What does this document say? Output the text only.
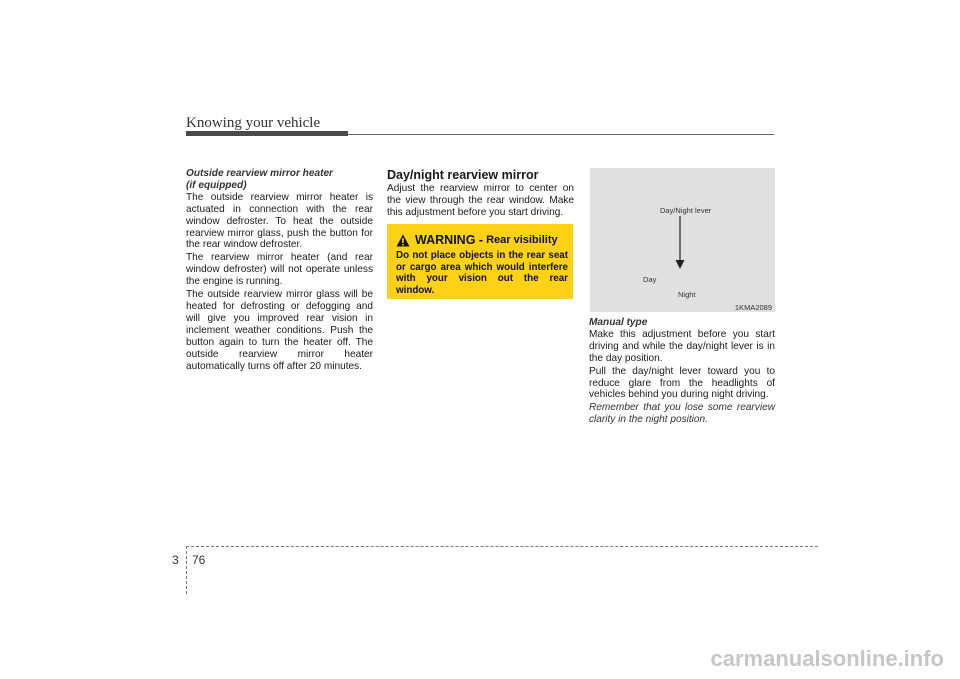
Knowing your vehicle
Outside rearview mirror heater
(if equipped)

The outside rearview mirror heater is actuated in connection with the rear window defroster. To heat the outside rearview mirror glass, push the button for the rear window defroster.

The rearview mirror heater (and rear window defroster) will not operate unless the engine is running.

The outside rearview mirror glass will be heated for defrosting or defogging and will give you improved rear vision in inclement weather conditions. Push the button again to turn the heater off. The outside rearview mirror heater automatically turns off after 20 minutes.

Day/night rearview mirror

Adjust the rearview mirror to center on the view through the rear window. Make this adjustment before you start driving.

WARNING - Rear visibility
Do not place objects in the rear seat or cargo area which would interfere with your vision out the rear window.
Day/Night lever
Day
Night
1KMA2089
Manual type

Make this adjustment before you start driving and while the day/night lever is in the day position.

Pull the day/night lever toward you to reduce glare from the headlights of vehicles behind you during night driving.

Remember that you lose some rearview clarity in the night position.

3 76
carmanualsonline.info
